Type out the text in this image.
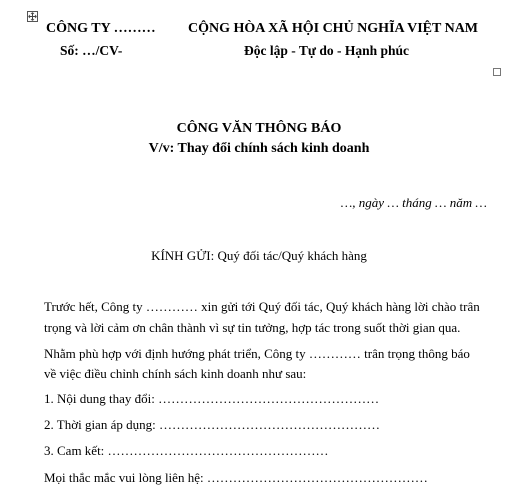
CÔNG TY ……… CỘNG HÒA XÃ HỘI CHỦ NGHĨA VIỆT NAM
Số: …/CV-	Độc lập - Tự do - Hạnh phúc
CÔNG VĂN THÔNG BÁO
V/v: Thay đổi chính sách kinh doanh
…, ngày … tháng … năm …
KÍNH GỬI: Quý đối tác/Quý khách hàng
Trước hết, Công ty ………… xin gửi tới Quý đối tác, Quý khách hàng lời chào trân
trọng và lời cảm ơn chân thành vì sự tin tưởng, hợp tác trong suốt thời gian qua.
Nhằm phù hợp với định hướng phát triển, Công ty ………… trân trọng thông báo
về việc điều chỉnh chính sách kinh doanh như sau:
1. Nội dung thay đổi: ……………………………………………
2. Thời gian áp dụng: ……………………………………………
3. Cam kết: ……………………………………………
Mọi thắc mắc vui lòng liên hệ: ……………………………………………
